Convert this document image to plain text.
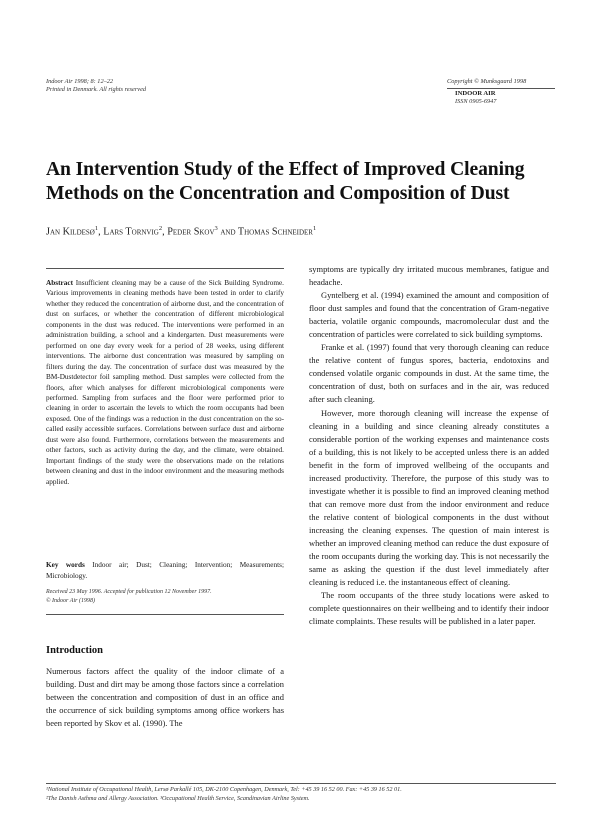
Indoor Air 1998; 8: 12–22
Printed in Denmark. All rights reserved
Copyright © Munksgaard 1998
INDOOR AIR
ISSN 0905-6947
An Intervention Study of the Effect of Improved Cleaning
Methods on the Concentration and Composition of Dust
Jan Kildesø$^1$, Lars Tornvig$^2$, Peder Skov$^3$ and Thomas Schneider$^1$

Abstract Insufficient cleaning may be a cause of the Sick Building Syndrome. Various improvements in cleaning methods have been tested in order to clarify whether they reduced the concentration of airborne dust, and the concentration of dust on surfaces, or whether the concentration of different microbiological components in the dust was reduced. The interventions were performed in an administration building, a school and a kindergarten. Dust measurements were performed on one day every week for a period of 28 weeks, using different interventions. The airborne dust concentration was measured by sampling on filters during the day. The concentration of surface dust was measured by the BM-Dustdetector foil sampling method. Dust samples were collected from the floors, after which analyses for different microbiological components were performed. Sampling from surfaces and the floor were performed prior to cleaning in order to ascertain the levels to which the room occupants had been exposed. One of the findings was a reduction in the dust concentration on the so-called easily accessible surfaces. Correlations between surface dust and airborne dust were also found. Furthermore, correlations between the measurements and other factors, such as activity during the day, and the climate, were obtained. Important findings of the study were the observations made on the relations between cleaning and dust in the indoor environment and the measuring methods applied.

Key words Indoor air; Dust; Cleaning; Intervention; Measurements; Microbiology.

Received 23 May 1996. Accepted for publication 12 November 1997.
© Indoor Air (1998)
Introduction

Numerous factors affect the quality of the indoor climate of a building. Dust and dirt may be among those factors since a correlation between the concentration and composition of dust in an office and the occurrence of sick building symptoms among office workers has been reported by Skov et al. (1990). The

symptoms are typically dry irritated mucous membranes, fatigue and headache.

Gyntelberg et al. (1994) examined the amount and composition of floor dust samples and found that the concentration of Gram-negative bacteria, volatile organic compounds, macromolecular dust and the concentration of particles were correlated to sick building symptoms.

Franke et al. (1997) found that very thorough cleaning can reduce the relative content of fungus spores, bacteria, endotoxins and condensed volatile organic compounds in dust. At the same time, the concentration of dust, both on surfaces and in the air, was reduced after such cleaning.

However, more thorough cleaning will increase the expense of cleaning in a building and since cleaning already constitutes a considerable portion of the working expenses and maintenance costs of a building, this is not likely to be accepted unless there is an added benefit in the form of improved wellbeing of the occupants and increased productivity. Therefore, the purpose of this study was to investigate whether it is possible to find an improved cleaning method that can remove more dust from the indoor environment and reduce the relative content of biological components in the dust without increasing the cleaning expenses. The question of main interest is whether an improved cleaning method can reduce the dust exposure of the room occupants during the working day. This is not necessarily the same as asking the question if the dust level immediately after cleaning is reduced i.e. the instantaneous effect of cleaning.

The room occupants of the three study locations were asked to complete questionnaires on their wellbeing and to identify their indoor climate complaints. These results will be published in a later paper.

¹National Institute of Occupational Health, Lersø Parkallé 105, DK-2100 Copenhagen, Denmark, Tel: +45 39 16 52 00. Fax: +45 39 16 52 01.
²The Danish Asthma and Allergy Association. ³Occupational Health Service, Scandinavian Airline System.
